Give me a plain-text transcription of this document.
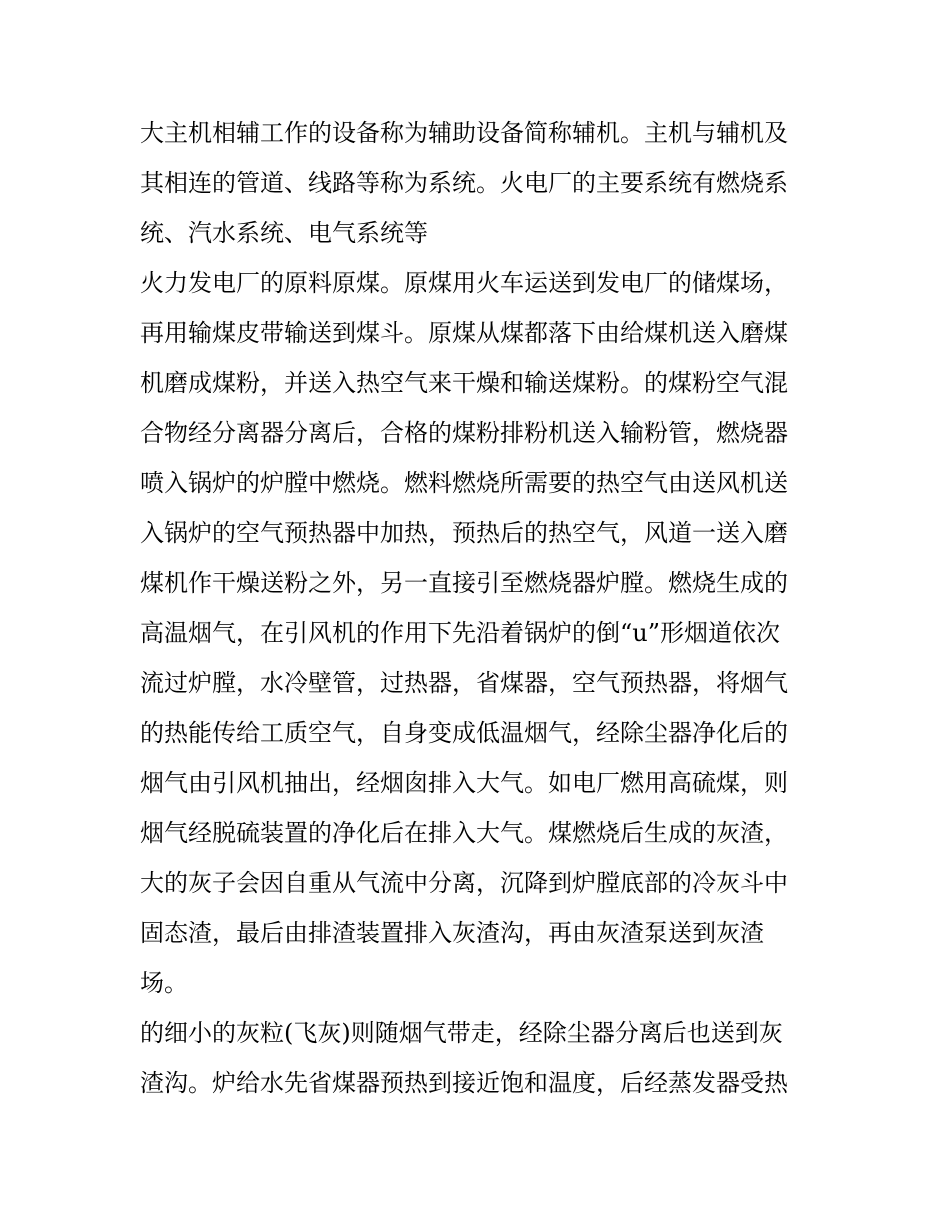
大主机相辅工作的设备称为辅助设备简称辅机。主机与辅机及
其相连的管道、线路等称为系统。火电厂的主要系统有燃烧系
统、汽水系统、电气系统等
火力发电厂的原料原煤。原煤用火车运送到发电厂的储煤场，
再用输煤皮带输送到煤斗。原煤从煤都落下由给煤机送入磨煤
机磨成煤粉，并送入热空气来干燥和输送煤粉。的煤粉空气混
合物经分离器分离后，合格的煤粉排粉机送入输粉管，燃烧器
喷入锅炉的炉膛中燃烧。燃料燃烧所需要的热空气由送风机送
入锅炉的空气预热器中加热，预热后的热空气，风道一送入磨
煤机作干燥送粉之外，另一直接引至燃烧器炉膛。燃烧生成的
高温烟气，在引风机的作用下先沿着锅炉的倒“u”形烟道依次
流过炉膛，水冷壁管，过热器，省煤器，空气预热器，将烟气
的热能传给工质空气，自身变成低温烟气，经除尘器净化后的
烟气由引风机抽出，经烟囱排入大气。如电厂燃用高硫煤，则
烟气经脱硫装置的净化后在排入大气。煤燃烧后生成的灰渣，
大的灰子会因自重从气流中分离，沉降到炉膛底部的冷灰斗中
固态渣，最后由排渣装置排入灰渣沟，再由灰渣泵送到灰渣
场。
的细小的灰粒(飞灰)则随烟气带走，经除尘器分离后也送到灰
渣沟。炉给水先省煤器预热到接近饱和温度，后经蒸发器受热
